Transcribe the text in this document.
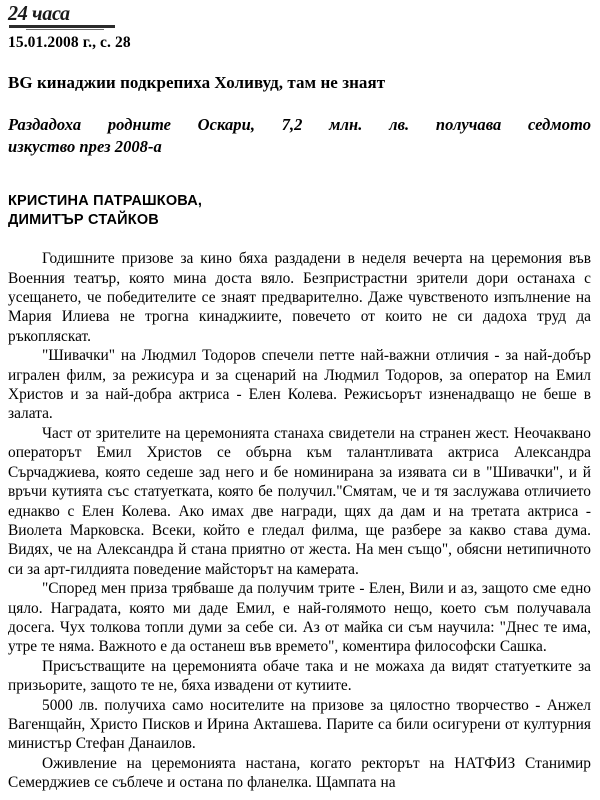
24 часа
15.01.2008 г., с. 28
BG кинаджии подкрепиха Холивуд, там не знаят
Раздадоха родните Оскари, 7,2 млн. лв. получава седмото
изкуство през 2008-а
КРИСТИНА ПАТРАШКОВА,
ДИМИТЪР СТАЙКОВ

Годишните призове за кино бяха раздадени в неделя вечерта на церемония във Военния театър, която мина доста вяло. Безпристрастни зрители дори останаха с усещането, че победителите се знаят предварително. Даже чувственото изпълнение на Мария Илиева не трогна кинаджиите, повечето от които не си дадоха труд да ръкопляскат.

"Шивачки" на Людмил Тодоров спечели петте най-важни отличия - за най-добър игрален филм, за режисура и за сценарий на Людмил Тодоров, за оператор на Емил Христов и за най-добра актриса - Елен Колева. Режисьорът изненадващо не беше в залата.

Част от зрителите на церемонията станаха свидетели на странен жест. Неочаквано операторът Емил Христов се обърна към талантливата актриса Александра Сърчаджиева, която седеше зад него и бе номинирана за изявата си в "Шивачки", и й връчи кутията със статуетката, която бе получил."Смятам, че и тя заслужава отличието еднакво с Елен Колева. Ако имах две награди, щях да дам и на третата актриса - Виолета Марковска. Всеки, който е гледал филма, ще разбере за какво става дума. Видях, че на Александра й стана приятно от жеста. На мен също", обясни нетипичното си за арт-гилдията поведение майсторът на камерата.

"Според мен приза трябваше да получим трите - Елен, Вили и аз, защото сме едно цяло. Наградата, която ми даде Емил, е най-голямото нещо, което съм получавала досега. Чух толкова топли думи за себе си. Аз от майка си съм научила: "Днес те има, утре те няма. Важното е да останеш във времето", коментира философски Сашка.

Присъстващите на церемонията обаче така и не можаха да видят статуетките за призьорите, защото те не, бяха извадени от кутиите.

5000 лв. получиха само носителите на призове за цялостно творчество - Анжел Вагенщайн, Христо Писков и Ирина Акташева. Парите са били осигурени от културния министър Стефан Данаилов.

Оживление на церемонията настана, когато ректорът на НАТФИЗ Станимир Семерджиев се съблече и остана по фланелка. Щампата на
